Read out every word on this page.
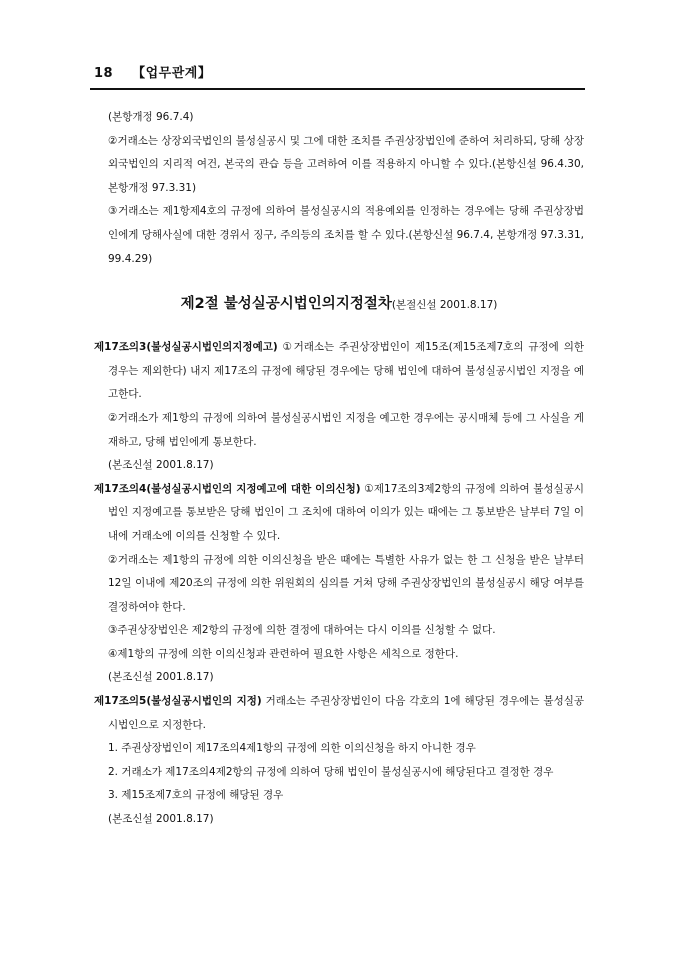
18 【업무관계】

(본항개정 96.7.4)

②거래소는 상장외국법인의 불성실공시 및 그에 대한 조치를 주권상장법인에 준하여 처리하되, 당해 상장외국법인의 지리적 여건, 본국의 관습 등을 고려하여 이를 적용하지 아니할 수 있다.(본항신설 96.4.30, 본항개정 97.3.31)

③거래소는 제1항제4호의 규정에 의하여 불성실공시의 적용예외를 인정하는 경우에는 당해 주권상장법인에게 당해사실에 대한 경위서 징구, 주의등의 조치를 할 수 있다.(본항신설 96.7.4, 본항개정 97.3.31, 99.4.29)

제2절 불성실공시법인의지정절차(본절신설 2001.8.17)

제17조의3(불성실공시법인의지정예고) ①거래소는 주권상장법인이 제15조(제15조제7호의 규정에 의한 경우는 제외한다) 내지 제17조의 규정에 해당된 경우에는 당해 법인에 대하여 불성실공시법인 지정을 예고한다.

②거래소가 제1항의 규정에 의하여 불성실공시법인 지정을 예고한 경우에는 공시매체 등에 그 사실을 게재하고, 당해 법인에게 통보한다.

(본조신설 2001.8.17)

제17조의4(불성실공시법인의 지정예고에 대한 이의신청) ①제17조의3제2항의 규정에 의하여 불성실공시법인 지정예고를 통보받은 당해 법인이 그 조치에 대하여 이의가 있는 때에는 그 통보받은 날부터 7일 이내에 거래소에 이의를 신청할 수 있다.

②거래소는 제1항의 규정에 의한 이의신청을 받은 때에는 특별한 사유가 없는 한 그 신청을 받은 날부터 12일 이내에 제20조의 규정에 의한 위원회의 심의를 거쳐 당해 주권상장법인의 불성실공시 해당 여부를 결정하여야 한다.

③주권상장법인은 제2항의 규정에 의한 결정에 대하여는 다시 이의를 신청할 수 없다.

④제1항의 규정에 의한 이의신청과 관련하여 필요한 사항은 세칙으로 정한다.

(본조신설 2001.8.17)

제17조의5(불성실공시법인의 지정) 거래소는 주권상장법인이 다음 각호의 1에 해당된 경우에는 불성실공시법인으로 지정한다.

1. 주권상장법인이 제17조의4제1항의 규정에 의한 이의신청을 하지 아니한 경우

2. 거래소가 제17조의4제2항의 규정에 의하여 당해 법인이 불성실공시에 해당된다고 결정한 경우

3. 제15조제7호의 규정에 해당된 경우

(본조신설 2001.8.17)
